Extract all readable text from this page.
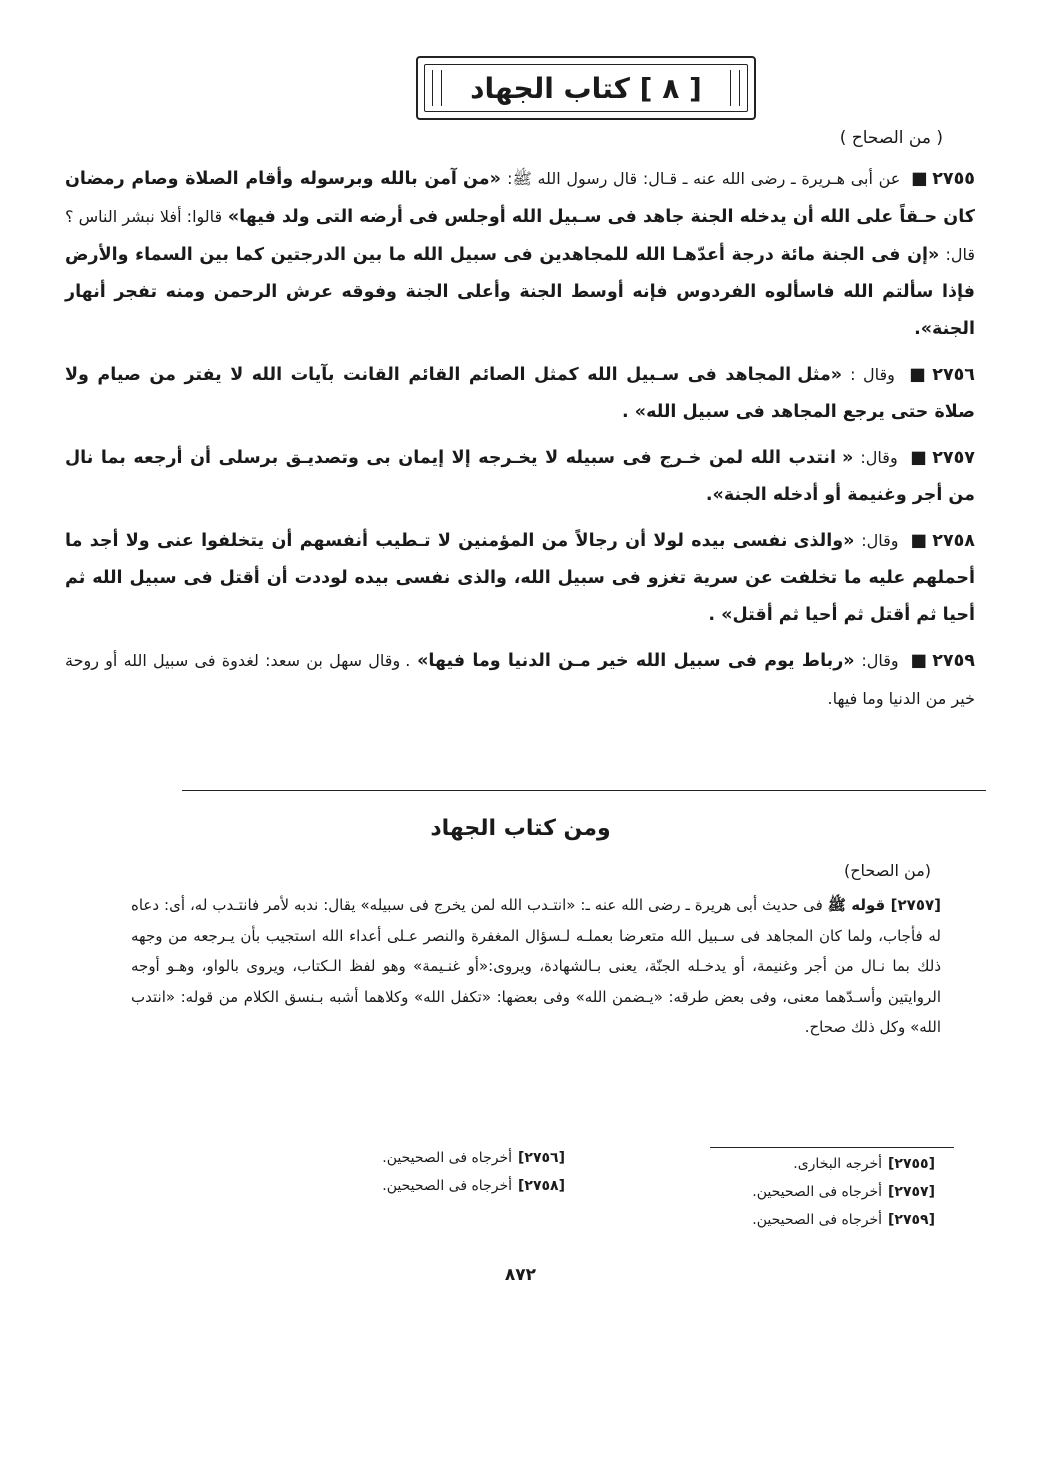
[ ٨ ] كتاب الجهاد
( من الصحاح )

٢٧٥٥■ عن أبى هـريرة ـ رضى الله عنه ـ قـال: قال رسول الله ﷺ: «من آمن بالله وبرسوله وأقام الصلاة وصام رمضان كان حـقاً على الله أن يدخله الجنة جاهد فى سـبيل الله أوجلس فى أرضه التى ولد فيها» قالوا: أفلا نبشر الناس ؟ قال: «إن فى الجنة مائة درجة أعدّهـا الله للمجاهدين فى سبيل الله ما بين الدرجتين كما بين السماء والأرض فإذا سألتم الله فاسألوه الفردوس فإنه أوسط الجنة وأعلى الجنة وفوقه عرش الرحمن ومنه تفجر أنهار الجنة».

٢٧٥٦■ وقال : «مثل المجاهد فى سـبيل الله كمثل الصائم القائم القانت بآيات الله لا يفتر من صيام ولا صلاة حتى يرجع المجاهد فى سبيل الله» .

٢٧٥٧■ وقال: « انتدب الله لمن خـرج فى سبيله لا يخـرجه إلا إيمان بى وتصديـق برسلى أن أرجعه بما نال من أجر وغنيمة أو أدخله الجنة».

٢٧٥٨■ وقال: «والذى نفسى بيده لولا أن رجالاً من المؤمنين لا تـطيب أنفسهم أن يتخلفوا عنى ولا أجد ما أحملهم عليه ما تخلفت عن سرية تغزو فى سبيل الله، والذى نفسى بيده لوددت أن أقتل فى سبيل الله ثم أحيا ثم أقتل ثم أحيا ثم أقتل» .

٢٧٥٩■ وقال: «رباط يوم فى سبيل الله خير مـن الدنيا وما فيها» . وقال سهل بن سعد: لغدوة فى سبيل الله أو روحة خير من الدنيا وما فيها.

ومن كتاب الجهاد
(من الصحاح)
[٢٧٥٧] قوله ﷺ فى حديث أبى هريرة ـ رضى الله عنه ـ: «انتـدب الله لمن يخرج فى سبيله» يقال: ندبه لأمر فانتـدب له، أى: دعاه له فأجاب، ولما كان المجاهد فى سـبيل الله متعرضا بعملـه لـسؤال المغفرة والنصر عـلى أعداء الله استجيب بأن يـرجعه من وجهه ذلك بما نـال من أجر وغنيمة، أو يدخـله الجنّة، يعنى بـالشهادة، ويروى:«أو غنـيمة» وهو لفظ الـكتاب، ويروى بالواو، وهـو أوجه الروايتين وأسـدّهما معنى، وفى بعض طرقه: «يـضمن الله» وفى بعضها: «تكفل الله» وكلاهما أشبه بـنسق الكلام من قوله: «انتدب الله» وكل ذلك صحاح.
[٢٧٥٥]أخرجه البخارى.
[٢٧٥٧]أخرجاه فى الصحيحين.
[٢٧٥٩]أخرجاه فى الصحيحين.
[٢٧٥٦]أخرجاه فى الصحيحين.
[٢٧٥٨]أخرجاه فى الصحيحين.
٨٧٢
